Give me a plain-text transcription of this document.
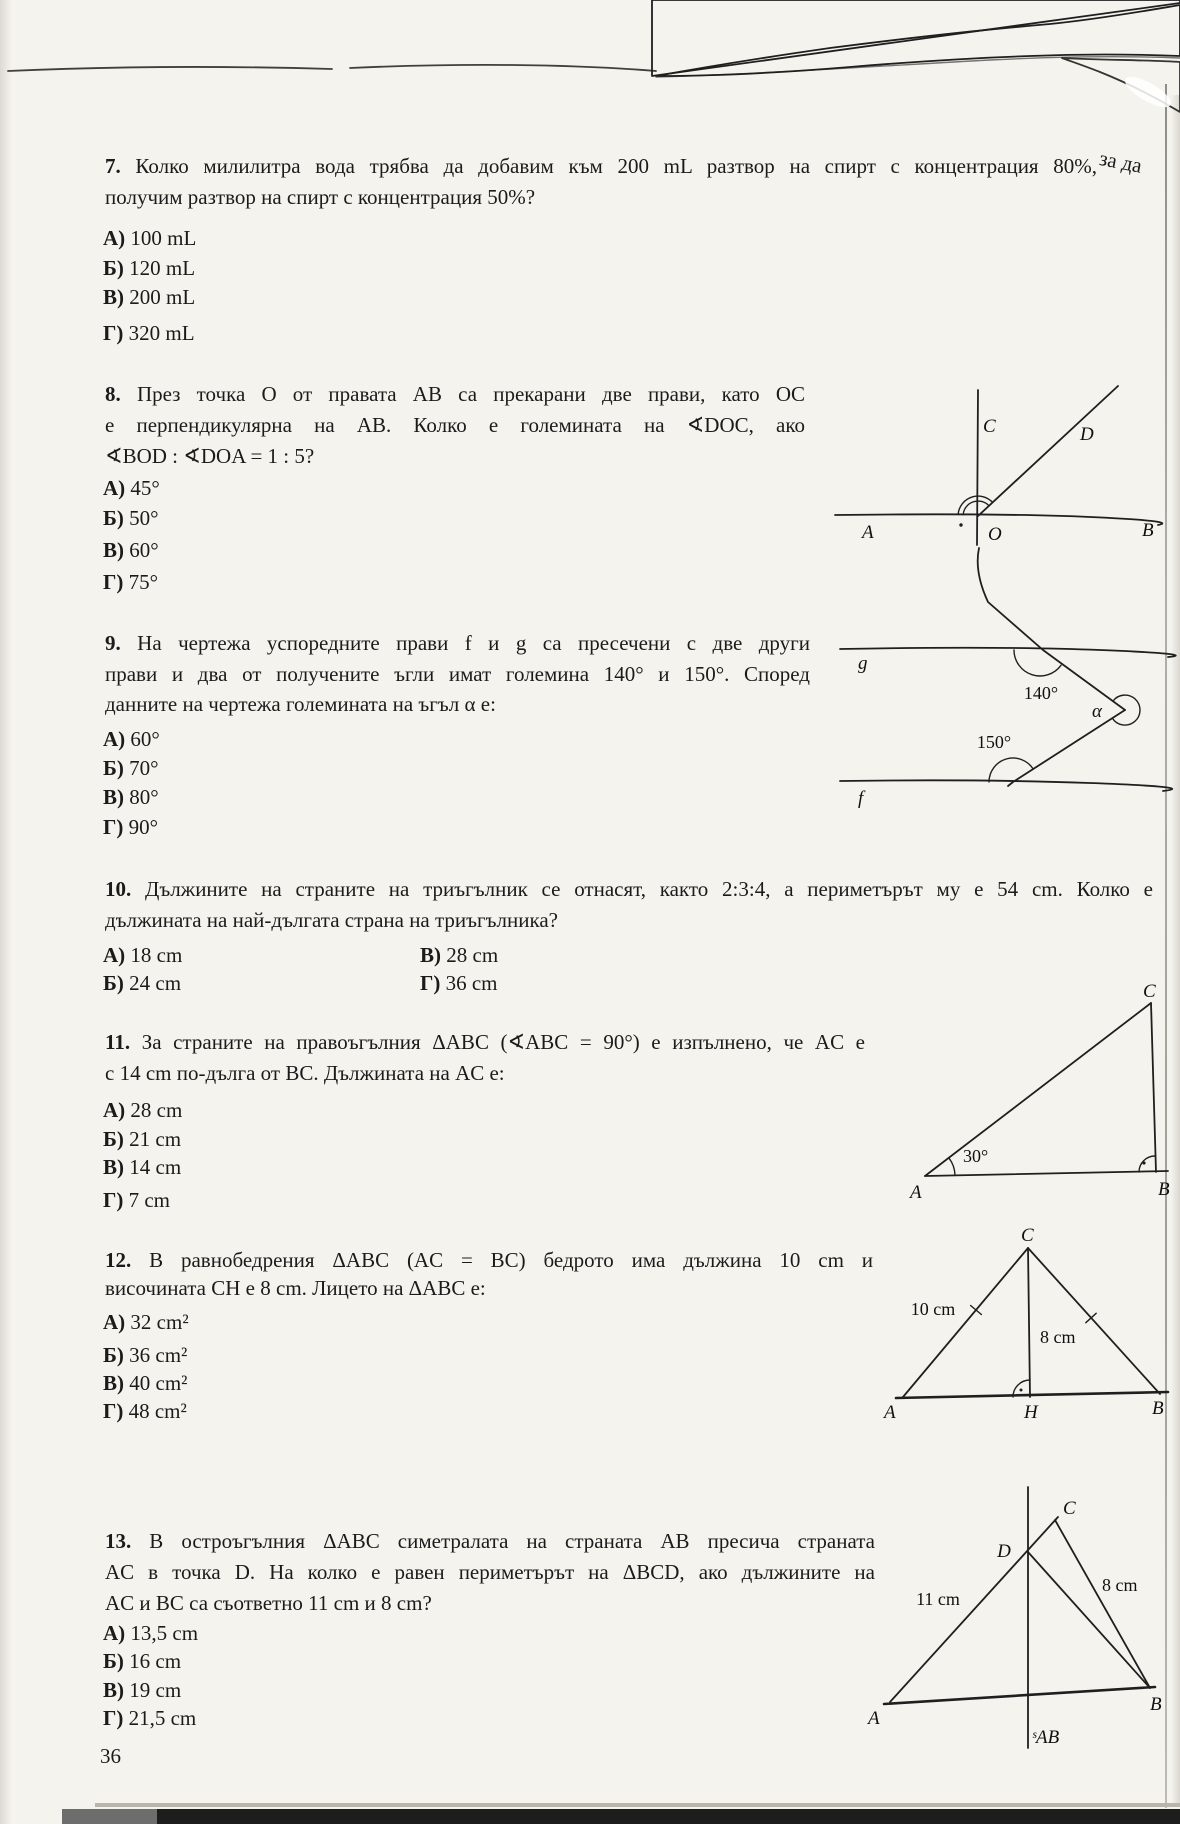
7. Колко милилитра вода трябва да добавим към 200 mL разтвор на спирт с концентрация 80%, за да
получим разтвор на спирт с концентрация 50%?
А) 100 mL
Б) 120 mL
В) 200 mL
Г) 320 mL
8. През точка O от правата AB са прекарани две прави, като OC
е перпендикулярна на AB. Колко е големината на ∢DOC, ако
∢BOD : ∢DOA = 1 : 5?
А) 45°
Б) 50°
В) 60°
Г) 75°
C	D
A	O	B
9. На чертежа успоредните прави f и g са пресечени с две други
прави и два от получените ъгли имат големина 140° и 150°. Според
данните на чертежа големината на ъгъл α е:
А) 60°
Б) 70°
В) 80°
Г) 90°
g
f
140°
150°
α
10. Дължините на страните на триъгълник се отнасят, както 2:3:4, а периметърът му е 54 cm. Колко е
дължината на най-дългата страна на триъгълника?
А) 18 cm
Б) 24 cm
В) 28 cm
Г) 36 cm
11. За страните на правоъгълния ΔABC (∢ABC = 90°) е изпълнено, че AC е
с 14 cm по-дълга от BC. Дължината на AC е:
А) 28 cm
Б) 21 cm
В) 14 cm
Г) 7 cm
30°
A	B
C
12. В равнобедрения ΔABC (AC = BC) бедрото има дължина 10 cm и
височината CH е 8 cm. Лицето на ΔABC е:
А) 32 cm²
Б) 36 cm²
В) 40 cm²
Г) 48 cm²
C
10 cm
8 cm
A	H	B
13. В остроъгълния ΔABC симетралата на страната AB пресича страната
AC в точка D. На колко е равен периметърът на ΔBCD, ако дължините на
AC и BC са съответно 11 cm и 8 cm?
А) 13,5 cm
Б) 16 cm
В) 19 cm
Г) 21,5 cm
C
D
11 cm
8 cm
A
B
ˢAB
36
